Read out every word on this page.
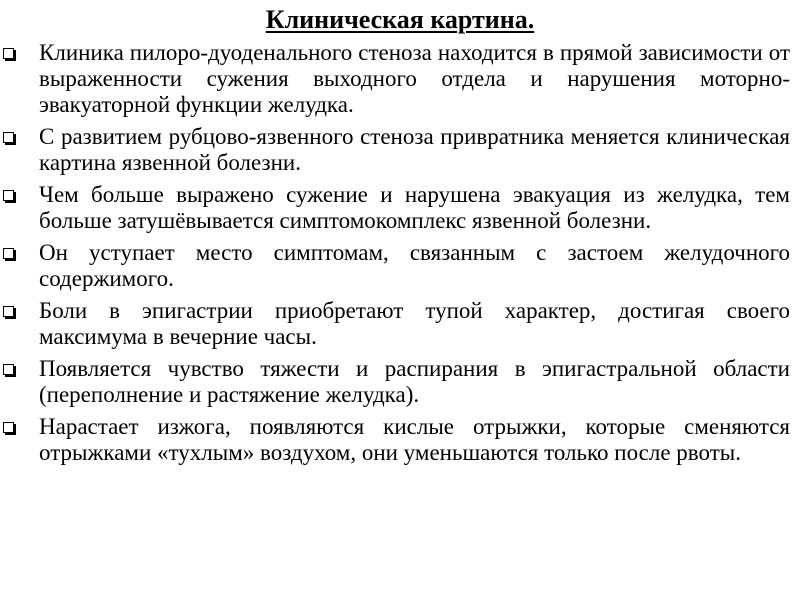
Клиническая картина.
Клиника пилоро-дуоденального стеноза находится в прямой зависимости от выраженности сужения выходного отдела и нарушения моторно-эвакуаторной функции желудка.
С развитием рубцово-язвенного стеноза привратника меняется клиническая картина язвенной болезни.
Чем больше выражено сужение и нарушена эвакуация из желудка, тем больше затушёвывается симптомокомплекс язвенной болезни.
Он уступает место симптомам, связанным с застоем желудочного содержимого.
Боли в эпигастрии приобретают тупой характер, достигая своего максимума в вечерние часы.
Появляется чувство тяжести и распирания в эпигастральной области (переполнение и растяжение желудка).
Нарастает изжога, появляются кислые отрыжки, которые сменяются отрыжками «тухлым» воздухом, они уменьшаются только после рвоты.
